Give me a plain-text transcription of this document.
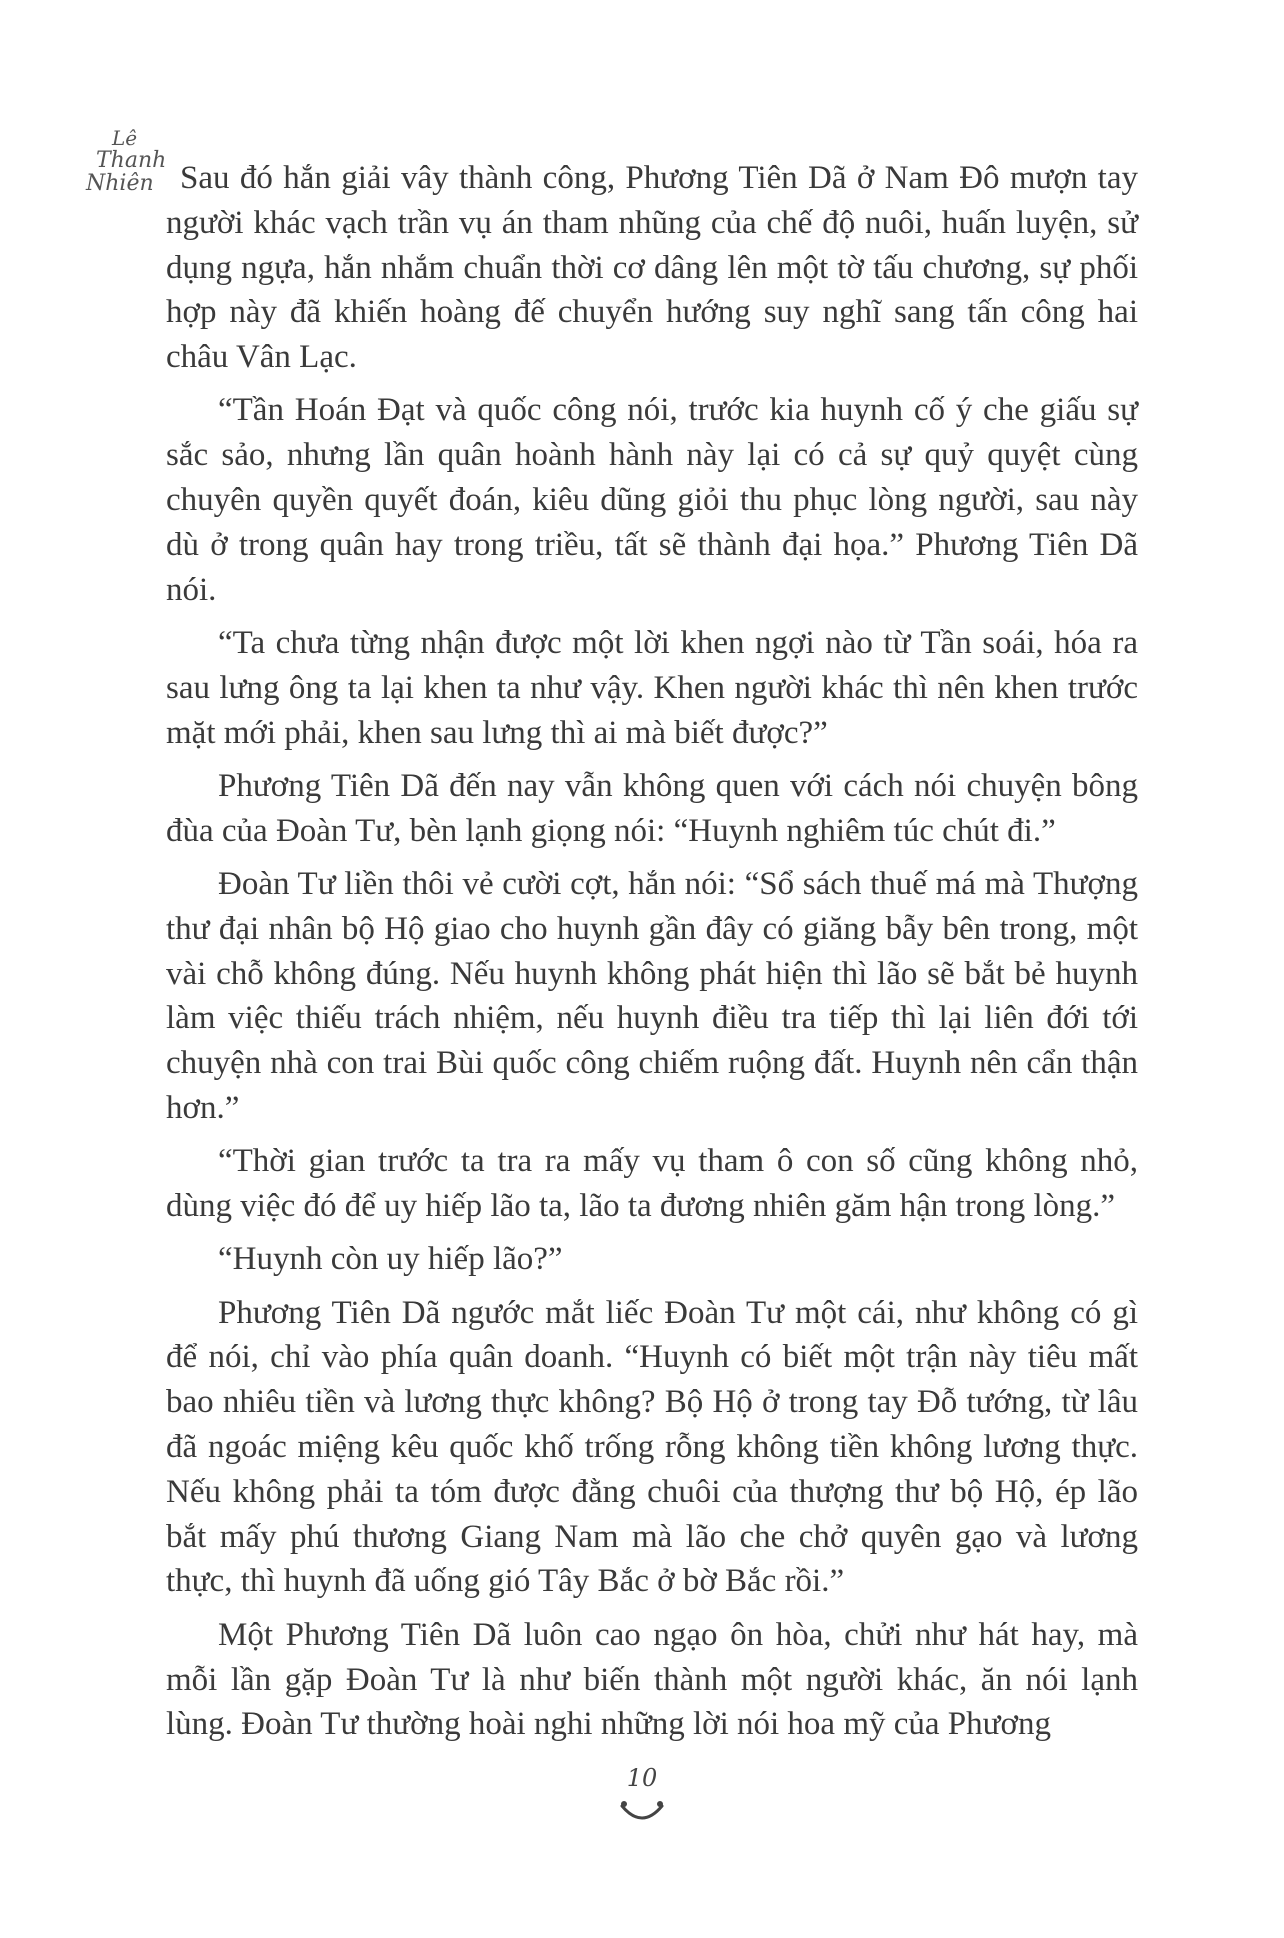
Lê
Thanh
Nhiên Sau đó hắn giải vây thành công, Phương Tiên Dã ở Nam Đô mượn tay người khác vạch trần vụ án tham nhũng của chế độ nuôi, huấn luyện, sử dụng ngựa, hắn nhắm chuẩn thời cơ dâng lên một tờ tấu chương, sự phối hợp này đã khiến hoàng đế chuyển hướng suy nghĩ sang tấn công hai châu Vân Lạc.

“Tần Hoán Đạt và quốc công nói, trước kia huynh cố ý che giấu sự sắc sảo, nhưng lần quân hoành hành này lại có cả sự quỷ quyệt cùng chuyên quyền quyết đoán, kiêu dũng giỏi thu phục lòng người, sau này dù ở trong quân hay trong triều, tất sẽ thành đại họa.” Phương Tiên Dã nói.

“Ta chưa từng nhận được một lời khen ngợi nào từ Tần soái, hóa ra sau lưng ông ta lại khen ta như vậy. Khen người khác thì nên khen trước mặt mới phải, khen sau lưng thì ai mà biết được?”

Phương Tiên Dã đến nay vẫn không quen với cách nói chuyện bông đùa của Đoàn Tư, bèn lạnh giọng nói: “Huynh nghiêm túc chút đi.”

Đoàn Tư liền thôi vẻ cười cợt, hắn nói: “Sổ sách thuế má mà Thượng thư đại nhân bộ Hộ giao cho huynh gần đây có giăng bẫy bên trong, một vài chỗ không đúng. Nếu huynh không phát hiện thì lão sẽ bắt bẻ huynh làm việc thiếu trách nhiệm, nếu huynh điều tra tiếp thì lại liên đới tới chuyện nhà con trai Bùi quốc công chiếm ruộng đất. Huynh nên cẩn thận hơn.”

“Thời gian trước ta tra ra mấy vụ tham ô con số cũng không nhỏ, dùng việc đó để uy hiếp lão ta, lão ta đương nhiên găm hận trong lòng.”

“Huynh còn uy hiếp lão?”

Phương Tiên Dã ngước mắt liếc Đoàn Tư một cái, như không có gì để nói, chỉ vào phía quân doanh. “Huynh có biết một trận này tiêu mất bao nhiêu tiền và lương thực không? Bộ Hộ ở trong tay Đỗ tướng, từ lâu đã ngoác miệng kêu quốc khố trống rỗng không tiền không lương thực. Nếu không phải ta tóm được đằng chuôi của thượng thư bộ Hộ, ép lão bắt mấy phú thương Giang Nam mà lão che chở quyên gạo và lương thực, thì huynh đã uống gió Tây Bắc ở bờ Bắc rồi.”

Một Phương Tiên Dã luôn cao ngạo ôn hòa, chửi như hát hay, mà mỗi lần gặp Đoàn Tư là như biến thành một người khác, ăn nói lạnh lùng. Đoàn Tư thường hoài nghi những lời nói hoa mỹ của Phương

10
